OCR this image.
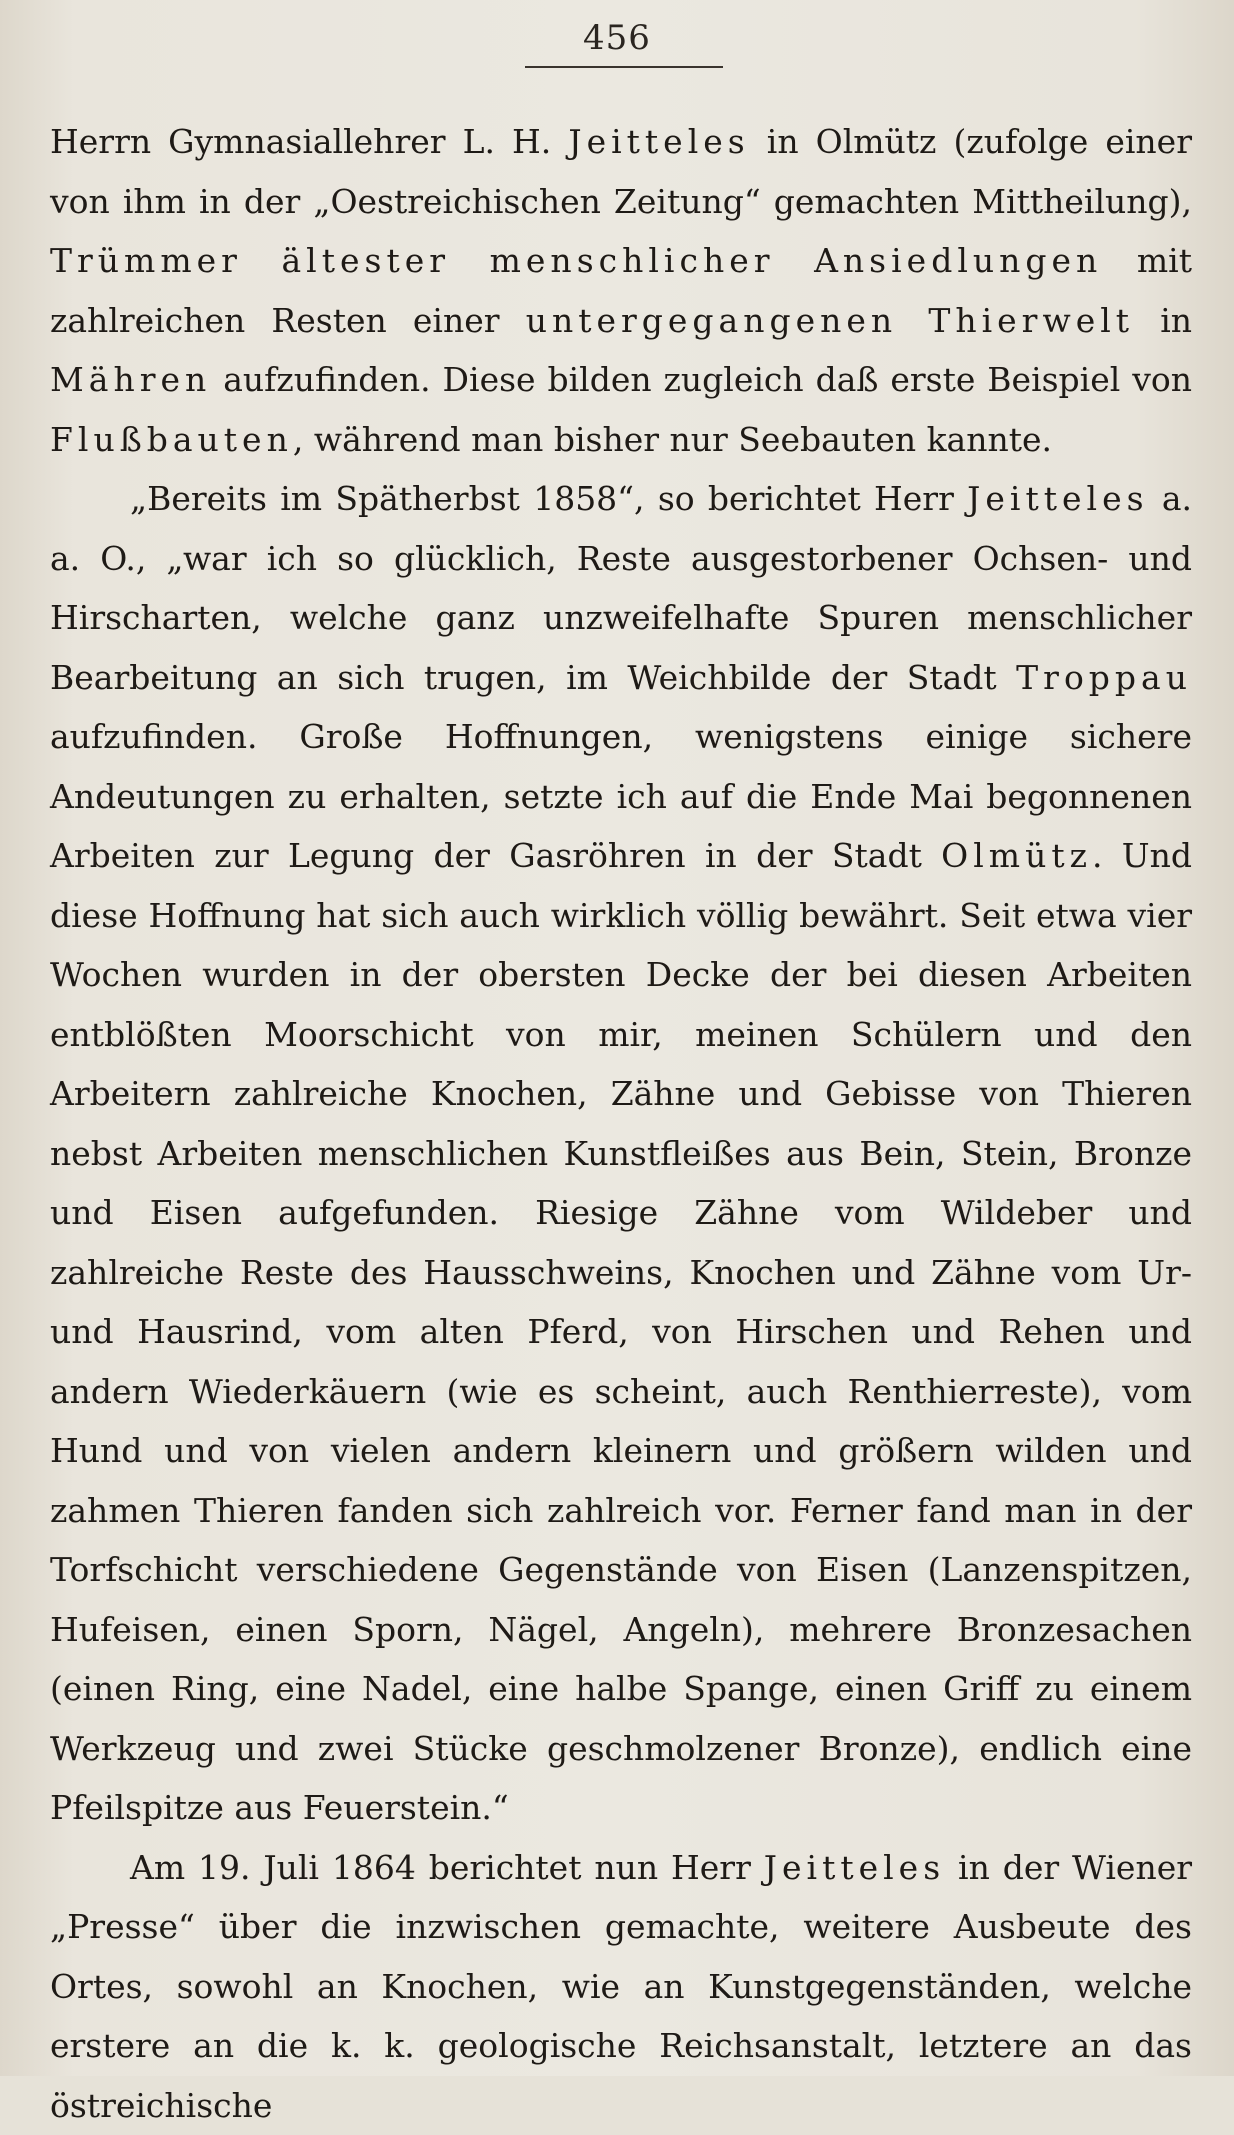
456

Herrn Gymnasiallehrer L. H. Jeitteles in Olmütz (zufolge einer von ihm in der „Oestreichischen Zeitung“ gemachten Mittheilung), Trümmer ältester menschlicher Ansiedlungen mit zahlreichen Resten einer untergegangenen Thierwelt in Mähren aufzufinden. Diese bilden zugleich daß erste Beispiel von Flußbauten, während man bisher nur Seebauten kannte.

„Bereits im Spätherbst 1858“, so berichtet Herr Jeitteles a. a. O., „war ich so glücklich, Reste ausgestorbener Ochsen- und Hirscharten, welche ganz unzweifelhafte Spuren menschlicher Bearbeitung an sich trugen, im Weichbilde der Stadt Troppau aufzufinden. Große Hoffnungen, wenigstens einige sichere Andeutungen zu erhalten, setzte ich auf die Ende Mai begonnenen Arbeiten zur Legung der Gasröhren in der Stadt Olmütz. Und diese Hoffnung hat sich auch wirklich völlig bewährt. Seit etwa vier Wochen wurden in der obersten Decke der bei diesen Arbeiten entblößten Moorschicht von mir, meinen Schülern und den Arbeitern zahlreiche Knochen, Zähne und Gebisse von Thieren nebst Arbeiten menschlichen Kunstfleißes aus Bein, Stein, Bronze und Eisen aufgefunden. Riesige Zähne vom Wildeber und zahlreiche Reste des Hausschweins, Knochen und Zähne vom Ur- und Hausrind, vom alten Pferd, von Hirschen und Rehen und andern Wiederkäuern (wie es scheint, auch Renthierreste), vom Hund und von vielen andern kleinern und größern wilden und zahmen Thieren fanden sich zahlreich vor. Ferner fand man in der Torfschicht verschiedene Gegenstände von Eisen (Lanzenspitzen, Hufeisen, einen Sporn, Nägel, Angeln), mehrere Bronzesachen (einen Ring, eine Nadel, eine halbe Spange, einen Griff zu einem Werkzeug und zwei Stücke geschmolzener Bronze), endlich eine Pfeilspitze aus Feuerstein.“

Am 19. Juli 1864 berichtet nun Herr Jeitteles in der Wiener „Presse“ über die inzwischen gemachte, weitere Ausbeute des Ortes, sowohl an Knochen, wie an Kunstgegenständen, welche erstere an die k. k. geologische Reichsanstalt, letztere an das östreichische
